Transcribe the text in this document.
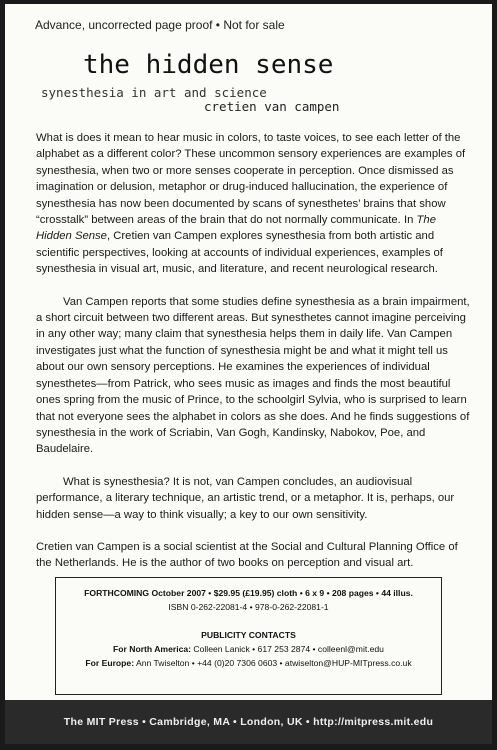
Advance, uncorrected page proof • Not for sale
the hidden sense
synesthesia in art and science
cretien van campen

What is does it mean to hear music in colors, to taste voices, to see each letter of the alphabet as a different color? These uncommon sensory experiences are examples of synesthesia, when two or more senses cooperate in perception. Once dismissed as imagination or delusion, metaphor or drug-induced hallucination, the experience of synesthesia has now been documented by scans of synesthetes’ brains that show “crosstalk” between areas of the brain that do not normally communicate. In The Hidden Sense, Cretien van Campen explores synesthesia from both artistic and scientific perspectives, looking at accounts of individual experiences, examples of synesthesia in visual art, music, and literature, and recent neurological research.

Van Campen reports that some studies define synesthesia as a brain impairment, a short circuit between two different areas. But synesthetes cannot imagine perceiving in any other way; many claim that synesthesia helps them in daily life. Van Campen investigates just what the function of synesthesia might be and what it might tell us about our own sensory perceptions. He examines the experiences of individual synesthetes—from Patrick, who sees music as images and finds the most beautiful ones spring from the music of Prince, to the schoolgirl Sylvia, who is surprised to learn that not everyone sees the alphabet in colors as she does. And he finds suggestions of synesthesia in the work of Scriabin, Van Gogh, Kandinsky, Nabokov, Poe, and Baudelaire.

What is synesthesia? It is not, van Campen concludes, an audiovisual performance, a literary technique, an artistic trend, or a metaphor. It is, perhaps, our hidden sense—a way to think visually; a key to our own sensitivity.

Cretien van Campen is a social scientist at the Social and Cultural Planning Office of the Netherlands. He is the author of two books on perception and visual art.

FORTHCOMING October 2007 • $29.95 (£19.95) cloth • 6 x 9 • 208 pages • 44 illus.
ISBN 0-262-22081-4 • 978-0-262-22081-1
PUBLICITY CONTACTS
For North America: Colleen Lanick • 617 253 2874 • colleenl@mit.edu
For Europe: Ann Twiselton • +44 (0)20 7306 0603 • atwiselton@HUP-MITpress.co.uk
The MIT Press • Cambridge, MA • London, UK • http://mitpress.mit.edu
